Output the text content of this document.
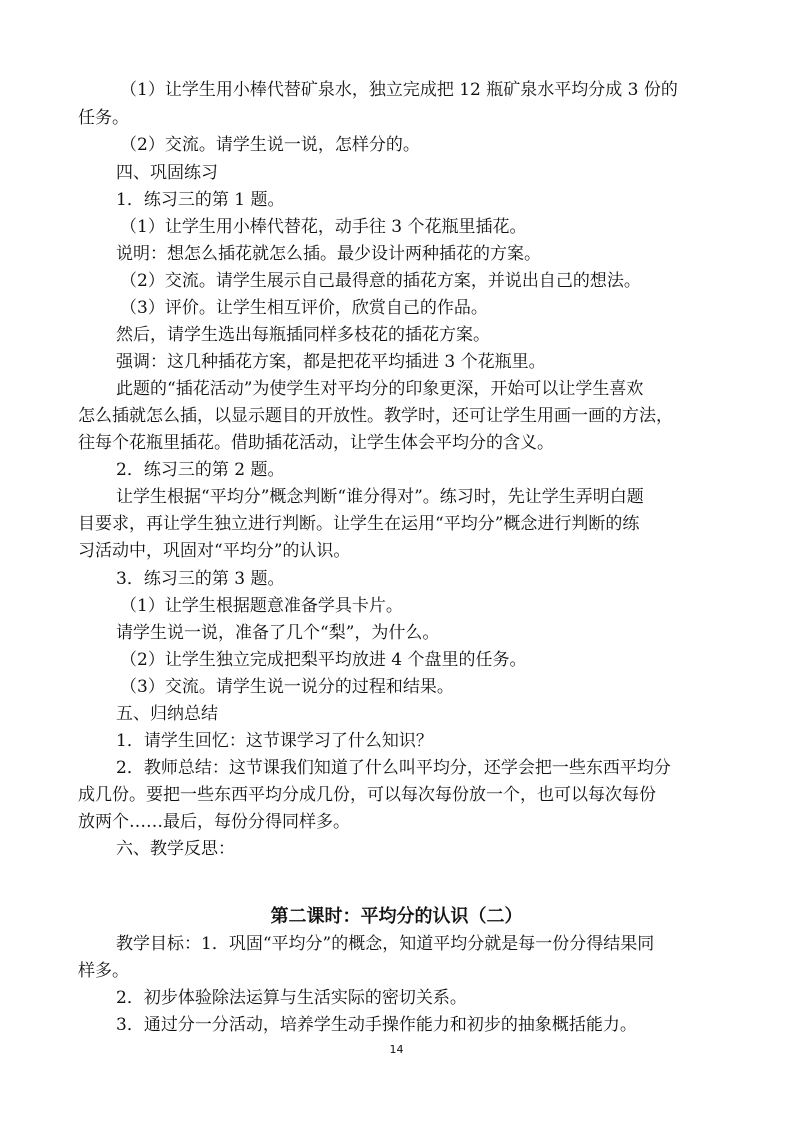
（1）让学生用小棒代替矿泉水，独立完成把 12 瓶矿泉水平均分成 3 份的
任务。
（2）交流。请学生说一说，怎样分的。
四、巩固练习
1．练习三的第 1 题。
（1）让学生用小棒代替花，动手往 3 个花瓶里插花。
说明：想怎么插花就怎么插。最少设计两种插花的方案。
（2）交流。请学生展示自己最得意的插花方案，并说出自己的想法。
（3）评价。让学生相互评价，欣赏自己的作品。
然后，请学生选出每瓶插同样多枝花的插花方案。
强调：这几种插花方案，都是把花平均插进 3 个花瓶里。
此题的“插花活动”为使学生对平均分的印象更深，开始可以让学生喜欢
怎么插就怎么插，以显示题目的开放性。教学时，还可让学生用画一画的方法，
往每个花瓶里插花。借助插花活动，让学生体会平均分的含义。
2．练习三的第 2 题。
让学生根据“平均分”概念判断“谁分得对”。练习时，先让学生弄明白题
目要求，再让学生独立进行判断。让学生在运用“平均分”概念进行判断的练
习活动中，巩固对“平均分”的认识。
3．练习三的第 3 题。
（1）让学生根据题意准备学具卡片。
请学生说一说，准备了几个“梨”，为什么。
（2）让学生独立完成把梨平均放进 4 个盘里的任务。
（3）交流。请学生说一说分的过程和结果。
五、归纳总结
1．请学生回忆：这节课学习了什么知识？
2．教师总结：这节课我们知道了什么叫平均分，还学会把一些东西平均分
成几份。要把一些东西平均分成几份，可以每次每份放一个，也可以每次每份
放两个……最后，每份分得同样多。
六、教学反思：
第二课时：平均分的认识（二）
教学目标：1．巩固“平均分”的概念，知道平均分就是每一份分得结果同
样多。
2．初步体验除法运算与生活实际的密切关系。
3．通过分一分活动，培养学生动手操作能力和初步的抽象概括能力。
14
